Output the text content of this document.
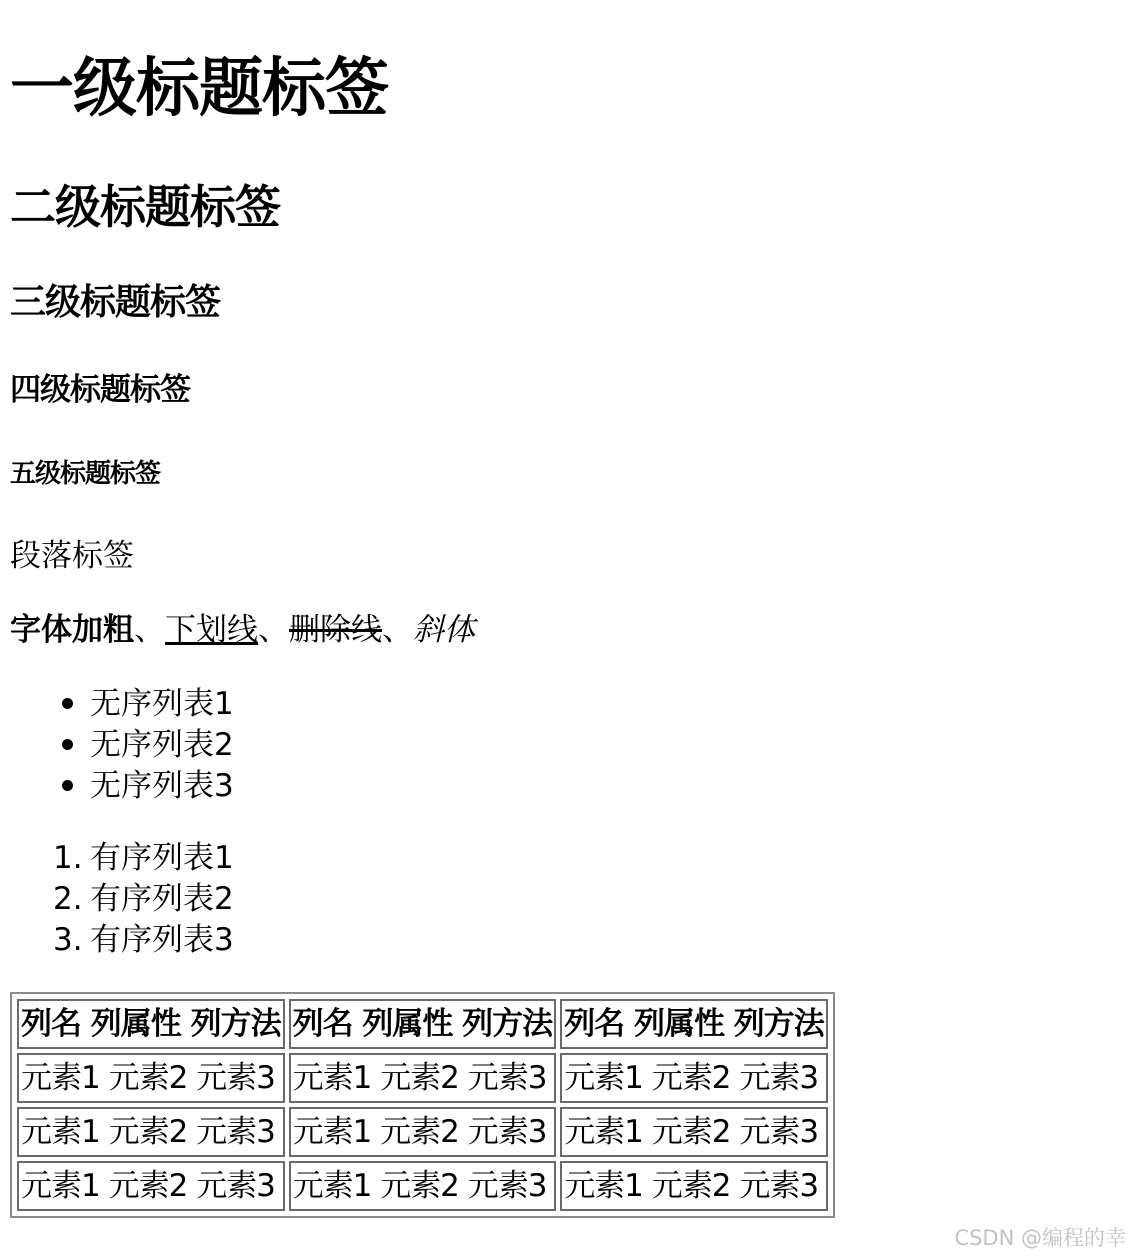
一级标题标签
二级标题标签
三级标题标签
四级标题标签
五级标题标签

段落标签

字体加粗、下划线、删除线、斜体

无序列表1
无序列表2
无序列表3
1. 有序列表1
2. 有序列表2
3. 有序列表3
列名 列属性 列方法	列名 列属性 列方法	列名 列属性 列方法
元素1 元素2 元素3	元素1 元素2 元素3	元素1 元素2 元素3
元素1 元素2 元素3	元素1 元素2 元素3	元素1 元素2 元素3
元素1 元素2 元素3	元素1 元素2 元素3	元素1 元素2 元素3
CSDN @编程的幸
